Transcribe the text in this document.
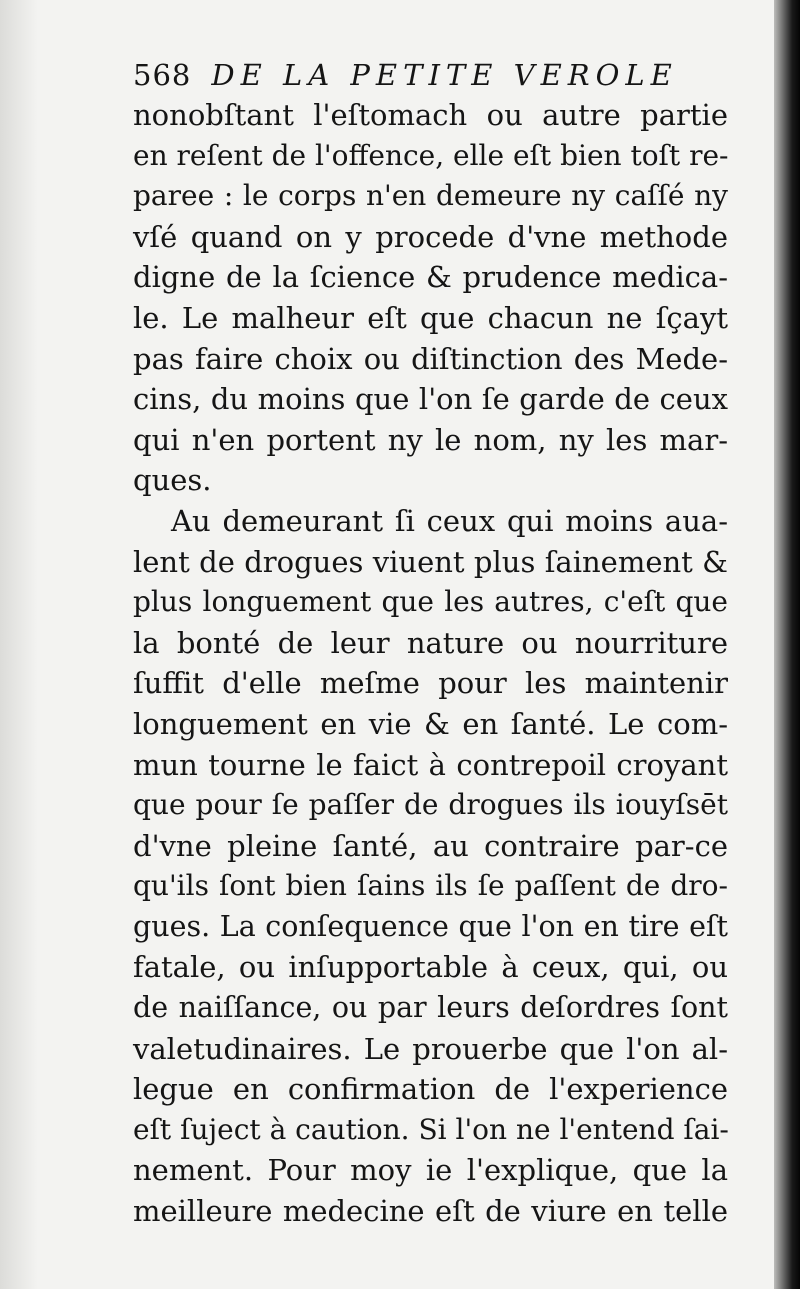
568 DE LA PETITE VEROLE
nonobſtant l'eſtomach ou autre partie
en reſent de l'offence, elle eſt bien toſt re-
paree : le corps n'en demeure ny caſſé ny
vſé quand on y procede d'vne methode
digne de la ſcience & prudence medica-
le. Le malheur eſt que chacun ne ſçayt
pas faire choix ou diſtinction des Mede-
cins, du moins que l'on ſe garde de ceux
qui n'en portent ny le nom, ny les mar-
ques.
Au demeurant ſi ceux qui moins aua-
lent de drogues viuent plus ſainement &
plus longuement que les autres, c'eſt que
la bonté de leur nature ou nourriture
ſuffit d'elle meſme pour les maintenir
longuement en vie & en ſanté. Le com-
mun tourne le faict à contrepoil croyant
que pour ſe paſſer de drogues ils iouyſsēt
d'vne pleine ſanté, au contraire par-ce
qu'ils ſont bien ſains ils ſe paſſent de dro-
gues. La conſequence que l'on en tire eſt
fatale, ou inſupportable à ceux, qui, ou
de naiſſance, ou par leurs deſordres ſont
valetudinaires. Le prouerbe que l'on al-
legue en confirmation de l'experience
eſt ſuject à caution. Si l'on ne l'entend ſai-
nement. Pour moy ie l'explique, que la
meilleure medecine eſt de viure en telle
